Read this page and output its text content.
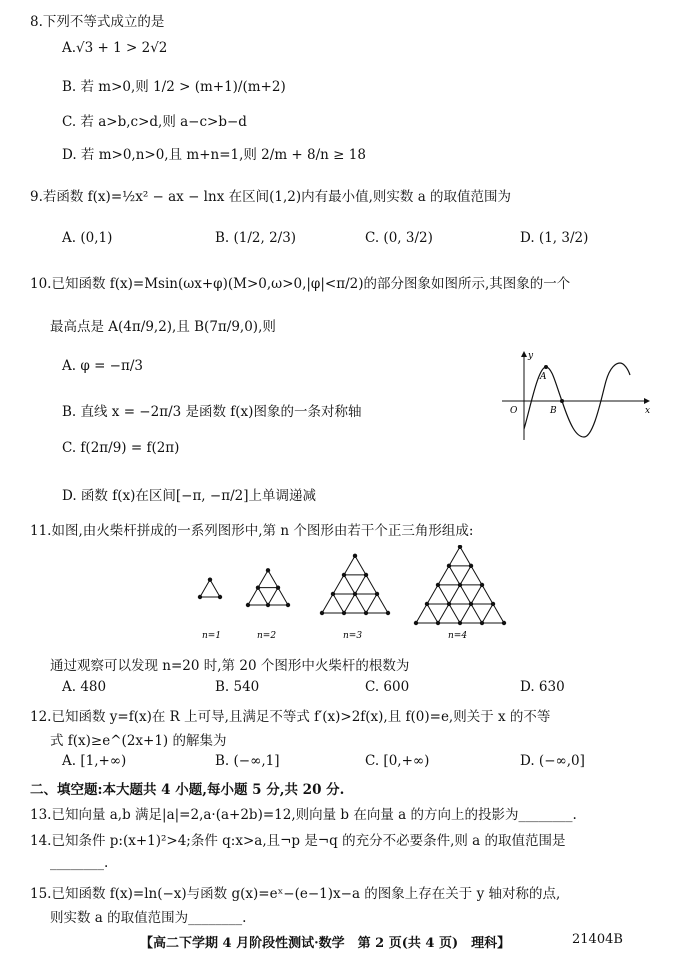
8.下列不等式成立的是
A.√3 + 1 > 2√2
B. 若 m>0,则 1/2 > (m+1)/(m+2)
C. 若 a>b,c>d,则 a−c>b−d
D. 若 m>0,n>0,且 m+n=1,则 2/m + 8/n ≥ 18
9.若函数 f(x)=½x² − ax − lnx 在区间(1,2)内有最小值,则实数 a 的取值范围为
A. (0,1)	B. (1/2, 2/3)	C. (0, 3/2)	D. (1, 3/2)
10.已知函数 f(x)=Msin(ωx+φ)(M>0,ω>0,|φ|<π/2)的部分图象如图所示,其图象的一个
最高点是 A(4π/9,2),且 B(7π/9,0),则
A. φ = −π/3
B. 直线 x = −2π/3 是函数 f(x)图象的一条对称轴
C. f(2π/9) = f(2π)
D. 函数 f(x)在区间[−π, −π/2]上单调递减
y
x
O
A
B
11.如图,由火柴杆拼成的一系列图形中,第 n 个图形由若干个正三角形组成:
n=1	n=2	n=3	n=4
通过观察可以发现 n=20 时,第 20 个图形中火柴杆的根数为
A. 480	B. 540	C. 600	D. 630
12.已知函数 y=f(x)在 R 上可导,且满足不等式 f′(x)>2f(x),且 f(0)=e,则关于 x 的不等
式 f(x)≥e^(2x+1) 的解集为
A. [1,+∞)	B. (−∞,1]	C. [0,+∞)	D. (−∞,0]
二、填空题:本大题共 4 小题,每小题 5 分,共 20 分.
13.已知向量 a,b 满足|a|=2,a·(a+2b)=12,则向量 b 在向量 a 的方向上的投影为________.
14.已知条件 p:(x+1)²>4;条件 q:x>a,且¬p 是¬q 的充分不必要条件,则 a 的取值范围是
________.
15.已知函数 f(x)=ln(−x)与函数 g(x)=eˣ−(e−1)x−a 的图象上存在关于 y 轴对称的点,
则实数 a 的取值范围为________.
【高二下学期 4 月阶段性测试·数学　第 2 页(共 4 页)　理科】	21404B
